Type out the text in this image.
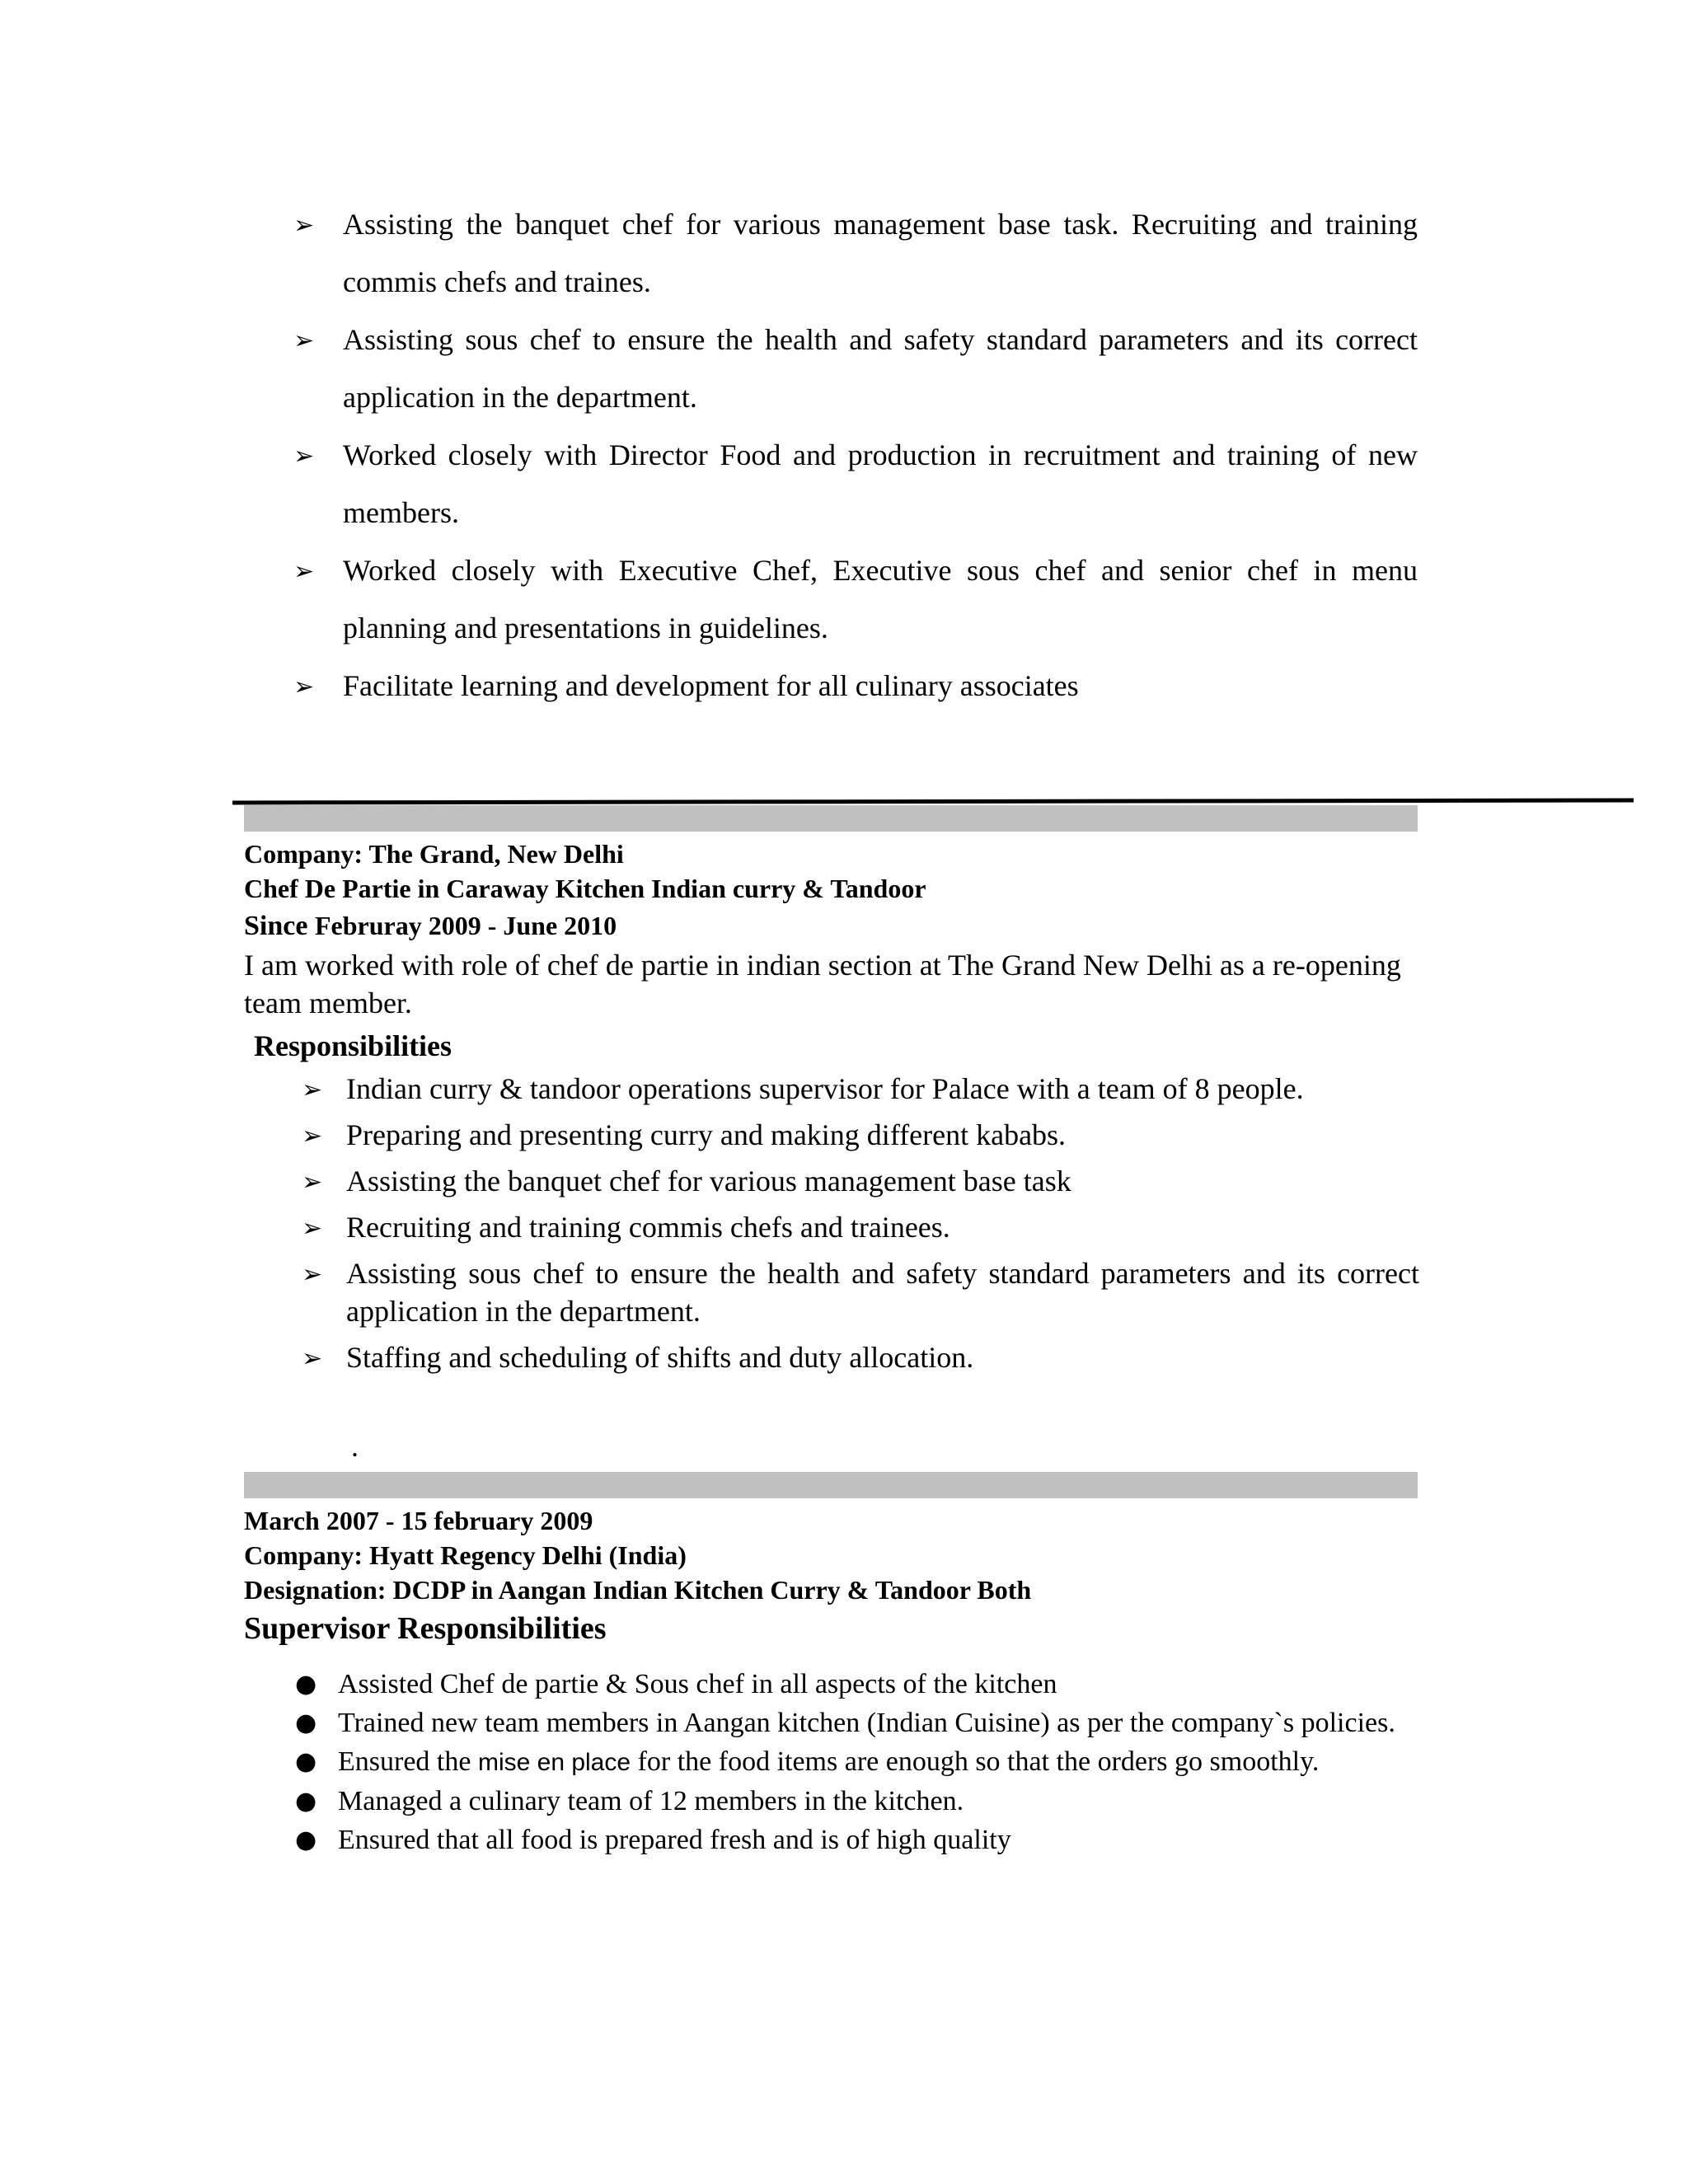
➢ Assisting the banquet chef for various management base task. Recruiting and training commis chefs and traines.
➢ Assisting sous chef to ensure the health and safety standard parameters and its correct application in the department.
➢ Worked closely with Director Food and production in recruitment and training of new members.
➢ Worked closely with Executive Chef, Executive sous chef and senior chef in menu planning and presentations in guidelines.
➢ Facilitate learning and development for all culinary associates
Company: The Grand, New Delhi
Chef De Partie in Caraway Kitchen Indian curry & Tandoor
Since Februray 2009 - June 2010
I am worked with role of chef de partie in indian section at The Grand New Delhi as a re-opening team member.
Responsibilities
➢ Indian curry & tandoor operations supervisor for Palace with a team of 8 people.
➢ Preparing and presenting curry and making different kababs.
➢ Assisting the banquet chef for various management base task
➢ Recruiting and training commis chefs and trainees.
➢ Assisting sous chef to ensure the health and safety standard parameters and its correct application in the department.
➢ Staffing and scheduling of shifts and duty allocation.
.
March 2007 - 15 february 2009
Company: Hyatt Regency Delhi (India)
Designation: DCDP in Aangan Indian Kitchen Curry & Tandoor Both
Supervisor Responsibilities
● Assisted Chef de partie & Sous chef in all aspects of the kitchen
● Trained new team members in Aangan kitchen (Indian Cuisine) as per the company`s policies.
● Ensured the mise en place for the food items are enough so that the orders go smoothly.
● Managed a culinary team of 12 members in the kitchen.
● Ensured that all food is prepared fresh and is of high quality
